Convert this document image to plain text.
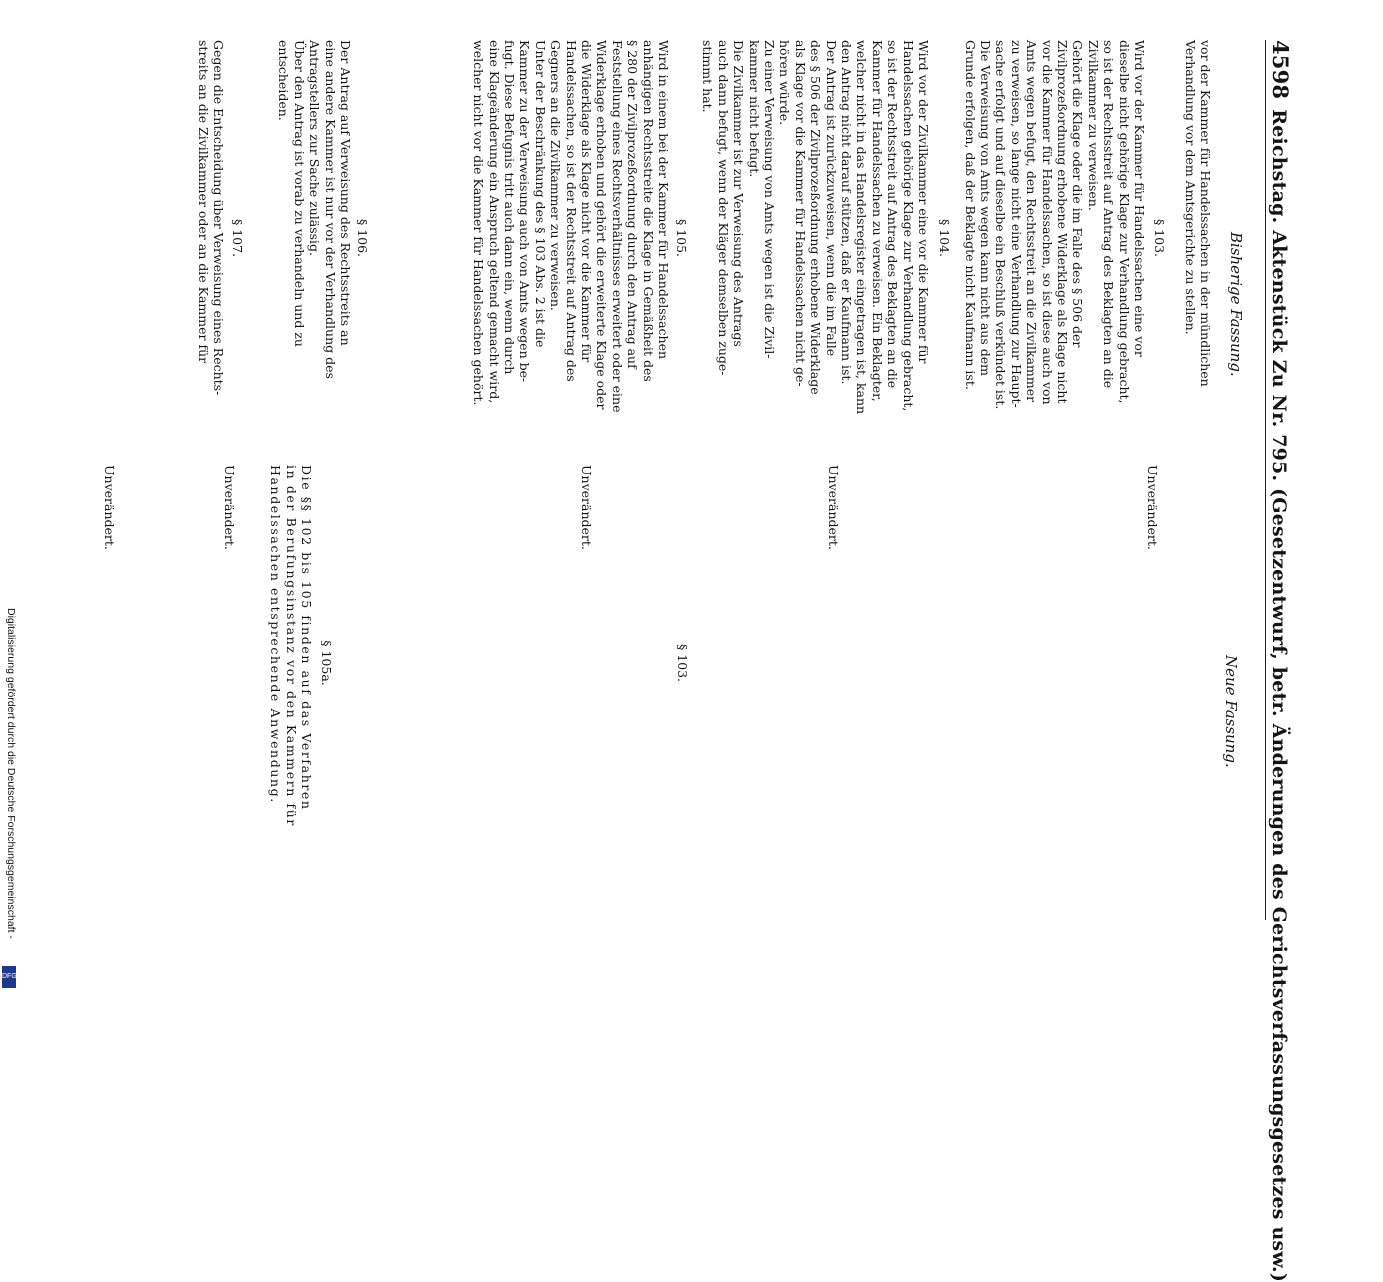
4598Reichstag. Aktenstück Zu Nr. 795. (Gesetzentwurf, betr. Änderungen des Gerichtsverfassungsgesetzes usw.)
Bisherige Fassung.
Neue Fassung.
vor der Kammer für Handelssachen in der mündlichen
Verhandlung vor dem Amtsgerichte zu stellen.
§ 103.
Wird vor der Kammer für Handelssachen eine vor
dieselbe nicht gehörige Klage zur Verhandlung gebracht,
so ist der Rechtsstreit auf Antrag des Beklagten an die
Zivilkammer zu verweisen.
Gehört die Klage oder die im Falle des § 506 der
Zivilprozeßordnung erhobene Widerklage als Klage nicht
vor die Kammer für Handelssachen, so ist diese auch von
Amts wegen befugt, den Rechtsstreit an die Zivilkammer
zu verweisen, so lange nicht eine Verhandlung zur Haupt-
sache erfolgt und auf dieselbe ein Beschluß verkündet ist.
Die Verweisung von Amts wegen kann nicht aus dem
Grunde erfolgen, daß der Beklagte nicht Kaufmann ist.
§ 104.
Wird vor der Zivilkammer eine vor die Kammer für
Handelssachen gehörige Klage zur Verhandlung gebracht,
so ist der Rechtsstreit auf Antrag des Beklagten an die
Kammer für Handelssachen zu verweisen. Ein Beklagter,
welcher nicht in das Handelsregister eingetragen ist, kann
den Antrag nicht darauf stützen, daß er Kaufmann ist.
Der Antrag ist zurückzuweisen, wenn die im Falle
des § 506 der Zivilprozeßordnung erhobene Widerklage
als Klage vor die Kammer für Handelssachen nicht ge-
hören würde.
Zu einer Verweisung von Amts wegen ist die Zivil-
kammer nicht befugt.
Die Zivilkammer ist zur Verweisung des Antrags
auch dann befugt, wenn der Kläger demselben zuge-
stimmt hat.
§ 105.
Wird in einem bei der Kammer für Handelssachen
anhängigen Rechtsstreite die Klage in Gemäßheit des
§ 280 der Zivilprozeßordnung durch den Antrag auf
Feststellung eines Rechtsverhältnisses erweitert oder eine
Widerklage erhoben und gehört die erweiterte Klage oder
die Widerklage als Klage nicht vor die Kammer für
Handelssachen, so ist der Rechtsstreit auf Antrag des
Gegners an die Zivilkammer zu verweisen.
Unter der Beschränkung des § 103 Abs. 2 ist die
Kammer zu der Verweisung auch von Amts wegen be-
fugt. Diese Befugnis tritt auch dann ein, wenn durch
eine Klageänderung ein Anspruch geltend gemacht wird,
welcher nicht vor die Kammer für Handelssachen gehört.
§ 106.
Der Antrag auf Verweisung des Rechtsstreits an
eine andere Kammer ist nur vor der Verhandlung des
Antragstellers zur Sache zulässig.
Über den Antrag ist vorab zu verhandeln und zu
entscheiden.
§ 107.
Gegen die Entscheidung über Verweisung eines Rechts-
streits an die Zivilkammer oder an die Kammer für
Unverändert.
Unverändert.
Unverändert.
Unverändert.
Unverändert.
§ 103.
§ 105a.
Die §§ 102 bis 105 finden auf das Verfahren
in der Berufungsinstanz vor den Kammern für
Handelssachen entsprechende Anwendung.
Digitalisierung gefördert durch die Deutsche Forschungsgemeinschaft -
DFG
